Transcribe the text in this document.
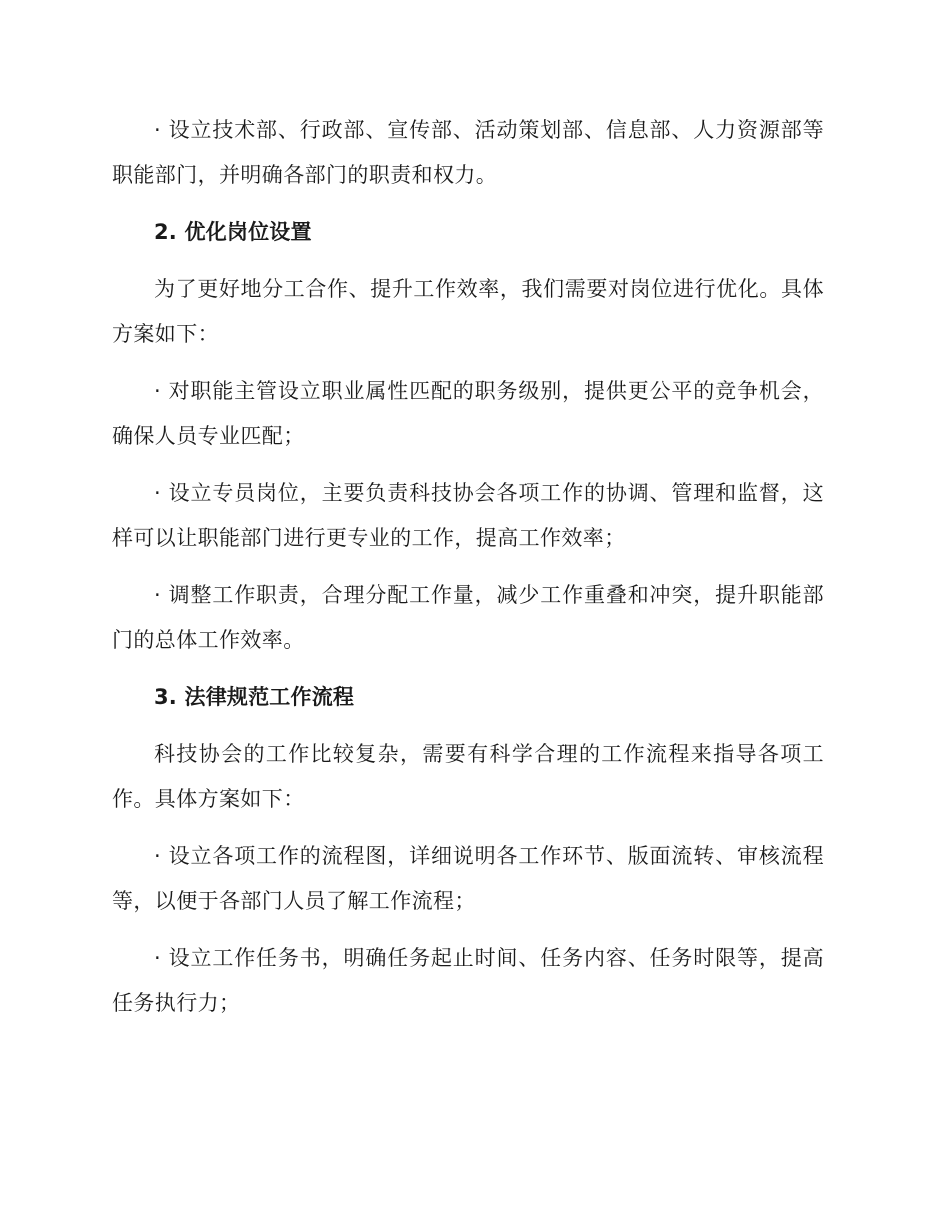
· 设立技术部、行政部、宣传部、活动策划部、信息部、人力资源部等职能部门，并明确各部门的职责和权力。

2. 优化岗位设置

为了更好地分工合作、提升工作效率，我们需要对岗位进行优化。具体方案如下：

· 对职能主管设立职业属性匹配的职务级别，提供更公平的竞争机会，确保人员专业匹配；

· 设立专员岗位，主要负责科技协会各项工作的协调、管理和监督，这样可以让职能部门进行更专业的工作，提高工作效率；

· 调整工作职责，合理分配工作量，减少工作重叠和冲突，提升职能部门的总体工作效率。

3. 法律规范工作流程

科技协会的工作比较复杂，需要有科学合理的工作流程来指导各项工作。具体方案如下：

· 设立各项工作的流程图，详细说明各工作环节、版面流转、审核流程等，以便于各部门人员了解工作流程；

· 设立工作任务书，明确任务起止时间、任务内容、任务时限等，提高任务执行力；
